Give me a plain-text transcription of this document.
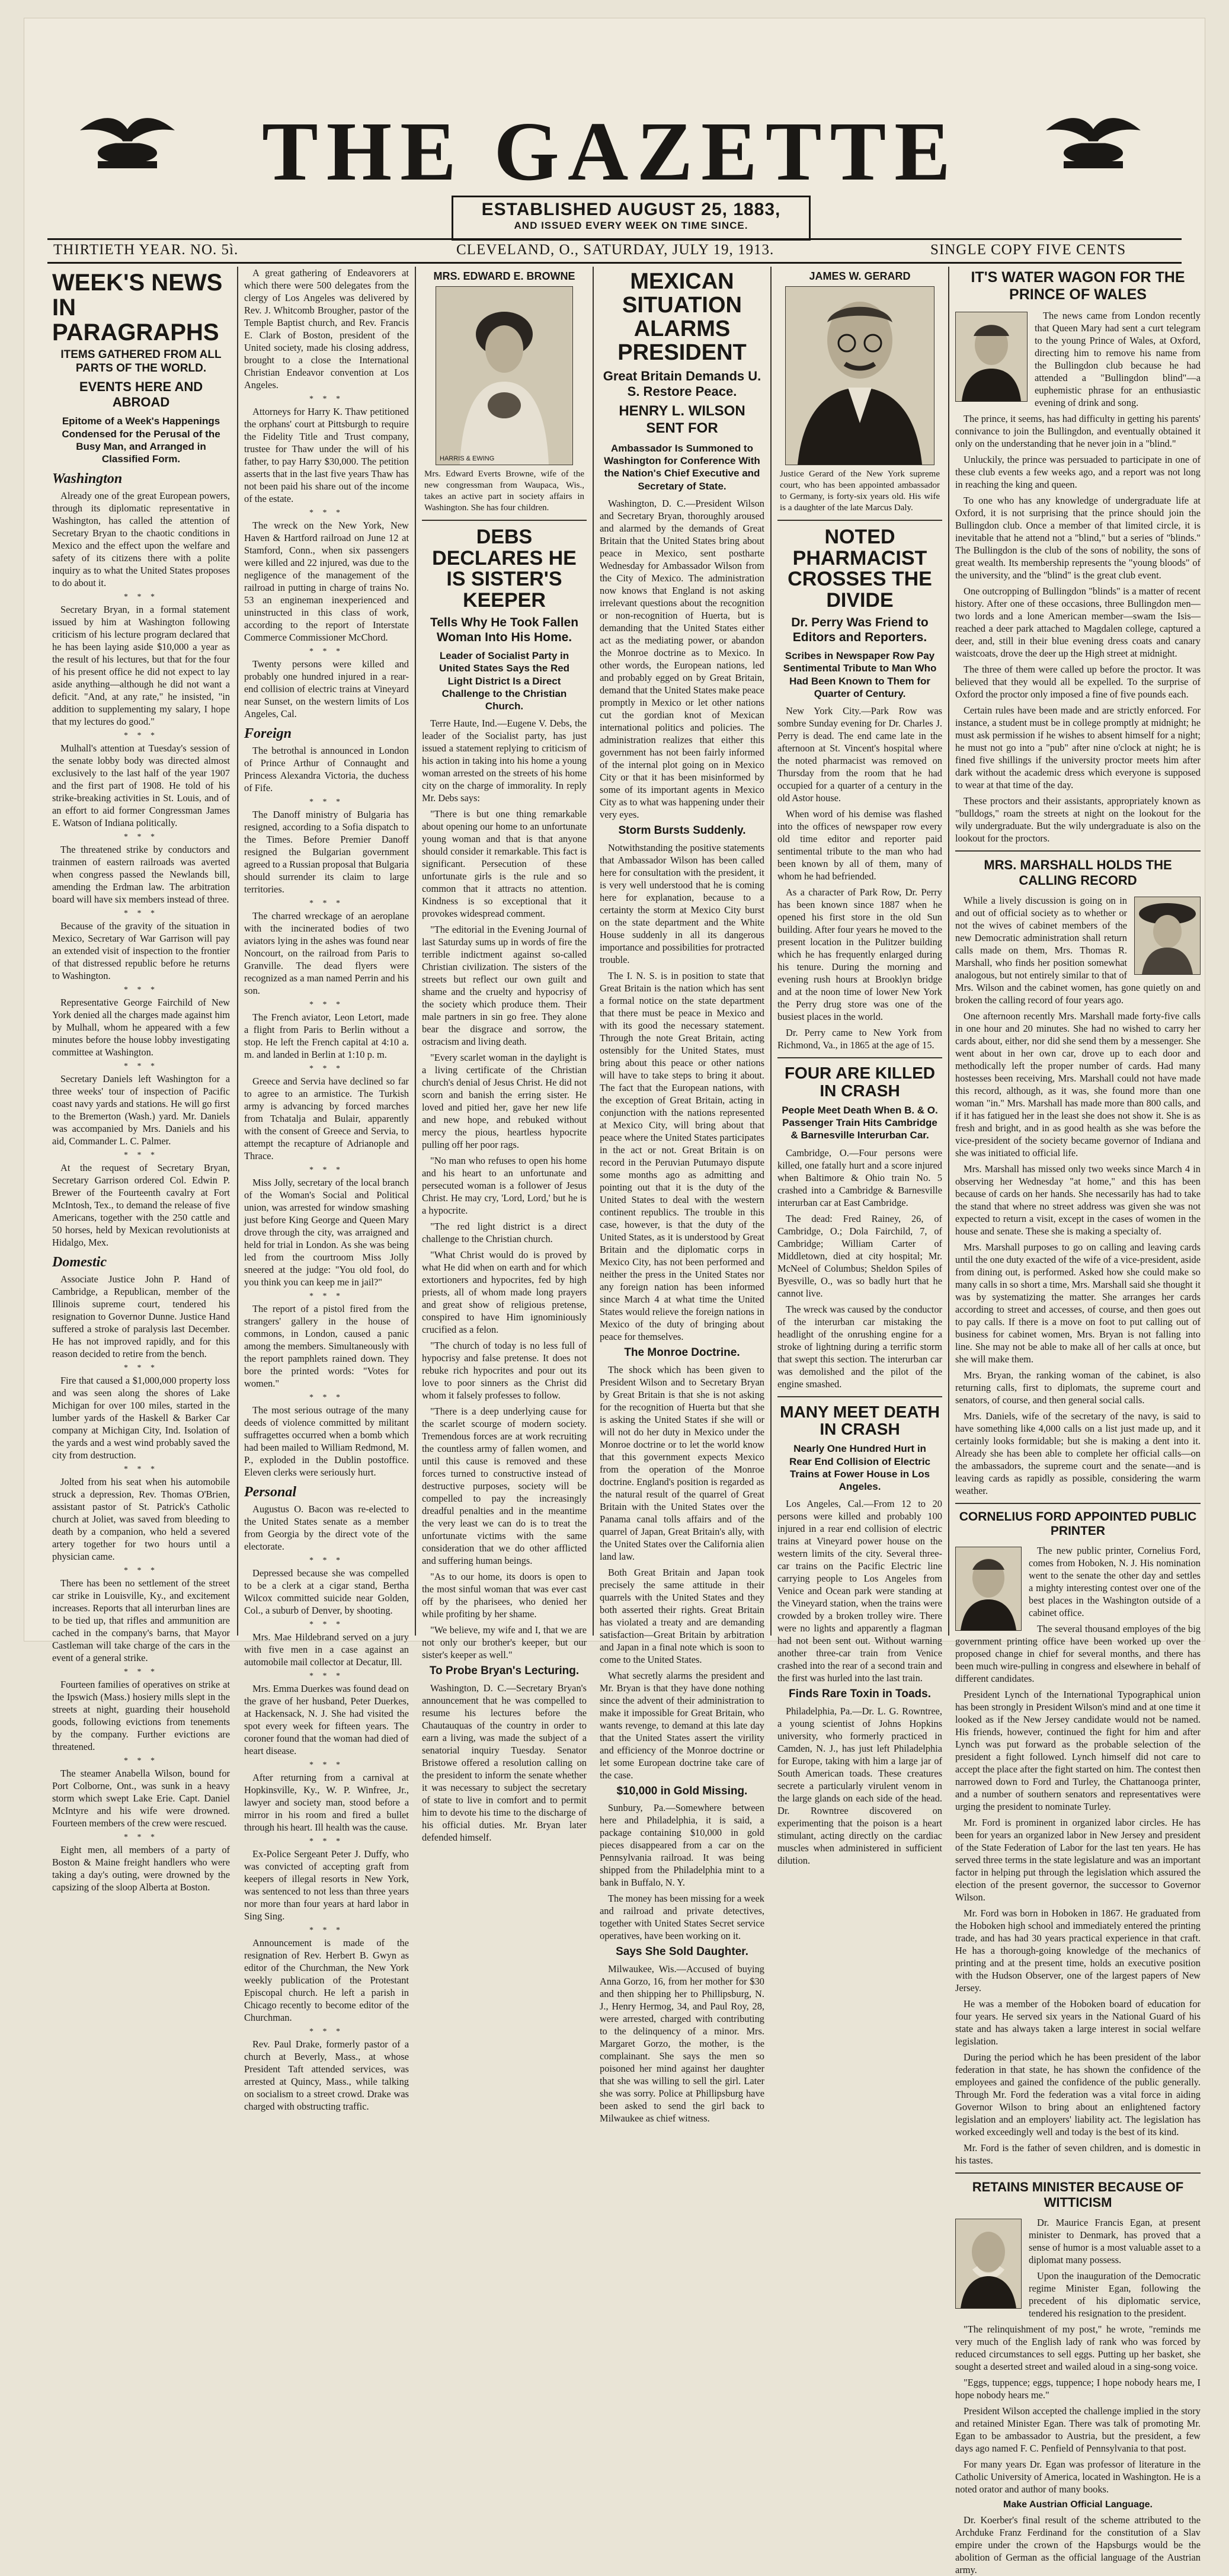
THE GAZETTE
ESTABLISHED AUGUST 25, 1883,
AND ISSUED EVERY WEEK ON TIME SINCE.
THIRTIETH YEAR. NO. 5ì.	CLEVELAND, O., SATURDAY, JULY 19, 1913.	SINGLE COPY FIVE CENTS
WEEK'S NEWS IN PARAGRAPHS
ITEMS GATHERED FROM ALL PARTS OF THE WORLD.
EVENTS HERE AND ABROAD
Epitome of a Week's Happenings Condensed for the Perusal of the Busy Man, and Arranged in Classified Form.
Washington

Already one of the great European powers, through its diplomatic representative in Washington, has called the attention of Secretary Bryan to the chaotic conditions in Mexico and the effect upon the welfare and safety of its citizens there with a polite inquiry as to what the United States proposes to do about it.

* * *

Secretary Bryan, in a formal statement issued by him at Washington following criticism of his lecture program declared that he has been laying aside $10,000 a year as the result of his lectures, but that for the four of his present office he did not expect to lay aside anything—although he did not want a deficit. "And, at any rate," he insisted, "in addition to supplementing my salary, I hope that my lectures do good."

* * *

Mulhall's attention at Tuesday's session of the senate lobby body was directed almost exclusively to the last half of the year 1907 and the first part of 1908. He told of his strike-breaking activities in St. Louis, and of an effort to aid former Congressman James E. Watson of Indiana politically.

* * *

The threatened strike by conductors and trainmen of eastern railroads was averted when congress passed the Newlands bill, amending the Erdman law. The arbitration board will have six members instead of three.

* * *

Because of the gravity of the situation in Mexico, Secretary of War Garrison will pay an extended visit of inspection to the frontier of that distressed republic before he returns to Washington.

* * *

Representative George Fairchild of New York denied all the charges made against him by Mulhall, whom he appeared with a few minutes before the house lobby investigating committee at Washington.

* * *

Secretary Daniels left Washington for a three weeks' tour of inspection of Pacific coast navy yards and stations. He will go first to the Bremerton (Wash.) yard. Mr. Daniels was accompanied by Mrs. Daniels and his aid, Commander L. C. Palmer.

* * *

At the request of Secretary Bryan, Secretary Garrison ordered Col. Edwin P. Brewer of the Fourteenth cavalry at Fort McIntosh, Tex., to demand the release of five Americans, together with the 250 cattle and 50 horses, held by Mexican revolutionists at Hidalgo, Mex.

Domestic

Associate Justice John P. Hand of Cambridge, a Republican, member of the Illinois supreme court, tendered his resignation to Governor Dunne. Justice Hand suffered a stroke of paralysis last December. He has not improved rapidly, and for this reason decided to retire from the bench.

* * *

Fire that caused a $1,000,000 property loss and was seen along the shores of Lake Michigan for over 100 miles, started in the lumber yards of the Haskell & Barker Car company at Michigan City, Ind. Isolation of the yards and a west wind probably saved the city from destruction.

* * *

Jolted from his seat when his automobile struck a depression, Rev. Thomas O'Brien, assistant pastor of St. Patrick's Catholic church at Joliet, was saved from bleeding to death by a companion, who held a severed artery together for two hours until a physician came.

* * *

There has been no settlement of the street car strike in Louisville, Ky., and excitement increases. Reports that all interurban lines are to be tied up, that rifles and ammunition are cached in the company's barns, that Mayor Castleman will take charge of the cars in the event of a general strike.

* * *

Fourteen families of operatives on strike at the Ipswich (Mass.) hosiery mills slept in the streets at night, guarding their household goods, following evictions from tenements by the company. Further evictions are threatened.

* * *

The steamer Anabella Wilson, bound for Port Colborne, Ont., was sunk in a heavy storm which swept Lake Erie. Capt. Daniel McIntyre and his wife were drowned. Fourteen members of the crew were rescued.

* * *

Eight men, all members of a party of Boston & Maine freight handlers who were taking a day's outing, were drowned by the capsizing of the sloop Alberta at Boston.

A great gathering of Endeavorers at which there were 500 delegates from the clergy of Los Angeles was delivered by Rev. J. Whitcomb Brougher, pastor of the Temple Baptist church, and Rev. Francis E. Clark of Boston, president of the United society, made his closing address, brought to a close the International Christian Endeavor convention at Los Angeles.

* * *

Attorneys for Harry K. Thaw petitioned the orphans' court at Pittsburgh to require the Fidelity Title and Trust company, trustee for Thaw under the will of his father, to pay Harry $30,000. The petition asserts that in the last five years Thaw has not been paid his share out of the income of the estate.

* * *

The wreck on the New York, New Haven & Hartford railroad on June 12 at Stamford, Conn., when six passengers were killed and 22 injured, was due to the negligence of the management of the railroad in putting in charge of trains No. 53 an engineman inexperienced and uninstructed in this class of work, according to the report of Interstate Commerce Commissioner McChord.

* * *

Twenty persons were killed and probably one hundred injured in a rear-end collision of electric trains at Vineyard near Sunset, on the western limits of Los Angeles, Cal.

Foreign

The betrothal is announced in London of Prince Arthur of Connaught and Princess Alexandra Victoria, the duchess of Fife.

* * *

The Danoff ministry of Bulgaria has resigned, according to a Sofia dispatch to the Times. Before Premier Danoff resigned the Bulgarian government agreed to a Russian proposal that Bulgaria should surrender its claim to large territories.

* * *

The charred wreckage of an aeroplane with the incinerated bodies of two aviators lying in the ashes was found near Noncourt, on the railroad from Paris to Granville. The dead flyers were recognized as a man named Perrin and his son.

* * *

The French aviator, Leon Letort, made a flight from Paris to Berlin without a stop. He left the French capital at 4:10 a. m. and landed in Berlin at 1:10 p. m.

* * *

Greece and Servia have declined so far to agree to an armistice. The Turkish army is advancing by forced marches from Tchatalja and Bulair, apparently with the consent of Greece and Servia, to attempt the recapture of Adrianople and Thrace.

* * *

Miss Jolly, secretary of the local branch of the Woman's Social and Political union, was arrested for window smashing just before King George and Queen Mary drove through the city, was arraigned and held for trial in London. As she was being led from the courtroom Miss Jolly sneered at the judge: "You old fool, do you think you can keep me in jail?"

* * *

The report of a pistol fired from the strangers' gallery in the house of commons, in London, caused a panic among the members. Simultaneously with the report pamphlets rained down. They bore the printed words: "Votes for women."

* * *

The most serious outrage of the many deeds of violence committed by militant suffragettes occurred when a bomb which had been mailed to William Redmond, M. P., exploded in the Dublin postoffice. Eleven clerks were seriously hurt.

Personal

Augustus O. Bacon was re-elected to the United States senate as a member from Georgia by the direct vote of the electorate.

* * *

Depressed because she was compelled to be a clerk at a cigar stand, Bertha Wilcox committed suicide near Golden, Col., a suburb of Denver, by shooting.

* * *

Mrs. Mae Hildebrand served on a jury with five men in a case against an automobile mail collector at Decatur, Ill.

* * *

Mrs. Emma Duerkes was found dead on the grave of her husband, Peter Duerkes, at Hackensack, N. J. She had visited the spot every week for fifteen years. The coroner found that the woman had died of heart disease.

* * *

After returning from a carnival at Hopkinsville, Ky., W. P. Winfree, Jr., lawyer and society man, stood before a mirror in his room and fired a bullet through his heart. Ill health was the cause.

* * *

Ex-Police Sergeant Peter J. Duffy, who was convicted of accepting graft from keepers of illegal resorts in New York, was sentenced to not less than three years nor more than four years at hard labor in Sing Sing.

* * *

Announcement is made of the resignation of Rev. Herbert B. Gwyn as editor of the Churchman, the New York weekly publication of the Protestant Episcopal church. He left a parish in Chicago recently to become editor of the Churchman.

* * *

Rev. Paul Drake, formerly pastor of a church at Beverly, Mass., at whose President Taft attended services, was arrested at Quincy, Mass., while talking on socialism to a street crowd. Drake was charged with obstructing traffic.

MRS. EDWARD E. BROWNE
HARRIS & EWING
Mrs. Edward Everts Browne, wife of the new congressman from Waupaca, Wis., takes an active part in society affairs in Washington. She has four children.
DEBS DECLARES HE IS SISTER'S KEEPER
Tells Why He Took Fallen Woman Into His Home.
Leader of Socialist Party in United States Says the Red Light District Is a Direct Challenge to the Christian Church.

Terre Haute, Ind.—Eugene V. Debs, the leader of the Socialist party, has just issued a statement replying to criticism of his action in taking into his home a young woman arrested on the streets of his home city on the charge of immorality. In reply Mr. Debs says:

"There is but one thing remarkable about opening our home to an unfortunate young woman and that is that anyone should consider it remarkable. This fact is significant. Persecution of these unfortunate girls is the rule and so common that it attracts no attention. Kindness is so exceptional that it provokes widespread comment.

"The editorial in the Evening Journal of last Saturday sums up in words of fire the terrible indictment against so-called Christian civilization. The sisters of the streets but reflect our own guilt and shame and the cruelty and hypocrisy of the society which produce them. Their male partners in sin go free. They alone bear the disgrace and sorrow, the ostracism and living death.

"Every scarlet woman in the daylight is a living certificate of the Christian church's denial of Jesus Christ. He did not scorn and banish the erring sister. He loved and pitied her, gave her new life and new hope, and rebuked without mercy the pious, heartless hypocrite pulling off her poor rags.

"No man who refuses to open his home and his heart to an unfortunate and persecuted woman is a follower of Jesus Christ. He may cry, 'Lord, Lord,' but he is a hypocrite.

"The red light district is a direct challenge to the Christian church.

"What Christ would do is proved by what He did when on earth and for which extortioners and hypocrites, fed by high priests, all of whom made long prayers and great show of religious pretense, conspired to have Him ignominiously crucified as a felon.

"The church of today is no less full of hypocrisy and false pretense. It does not rebuke rich hypocrites and pour out its love to poor sinners as the Christ did whom it falsely professes to follow.

"There is a deep underlying cause for the scarlet scourge of modern society. Tremendous forces are at work recruiting the countless army of fallen women, and until this cause is removed and these forces turned to constructive instead of destructive purposes, society will be compelled to pay the increasingly dreadful penalties and in the meantime the very least we can do is to treat the unfortunate victims with the same consideration that we do other afflicted and suffering human beings.

"As to our home, its doors is open to the most sinful woman that was ever cast off by the pharisees, who denied her while profiting by her shame.

"We believe, my wife and I, that we are not only our brother's keeper, but our sister's keeper as well."

To Probe Bryan's Lecturing.

Washington, D. C.—Secretary Bryan's announcement that he was compelled to resume his lectures before the Chautauquas of the country in order to earn a living, was made the subject of a senatorial inquiry Tuesday. Senator Bristowe offered a resolution calling on the president to inform the senate whether it was necessary to subject the secretary of state to live in comfort and to permit him to devote his time to the discharge of his official duties. Mr. Bryan later defended himself.

MEXICAN SITUATION ALARMS PRESIDENT
Great Britain Demands U. S. Restore Peace.
HENRY L. WILSON SENT FOR
Ambassador Is Summoned to Washington for Conference With the Nation's Chief Executive and Secretary of State.

Washington, D. C.—President Wilson and Secretary Bryan, thoroughly aroused and alarmed by the demands of Great Britain that the United States bring about peace in Mexico, sent postharte Wednesday for Ambassador Wilson from the City of Mexico. The administration now knows that England is not asking irrelevant questions about the recognition or non-recognition of Huerta, but is demanding that the United States either act as the mediating power, or abandon the Monroe doctrine as to Mexico. In other words, the European nations, led and probably egged on by Great Britain, demand that the United States make peace promptly in Mexico or let other nations cut the gordian knot of Mexican international politics and policies. The administration realizes that either this government has not been fairly informed of the internal plot going on in Mexico City or that it has been misinformed by some of its important agents in Mexico City as to what was happening under their very eyes.

Storm Bursts Suddenly.

Notwithstanding the positive statements that Ambassador Wilson has been called here for consultation with the president, it is very well understood that he is coming here for explanation, because to a certainty the storm at Mexico City burst on the state department and the White House suddenly in all its dangerous importance and possibilities for protracted trouble.

The I. N. S. is in position to state that Great Britain is the nation which has sent a formal notice on the state department that there must be peace in Mexico and with its good the necessary statement. Through the note Great Britain, acting ostensibly for the United States, must bring about this peace or other nations will have to take steps to bring it about. The fact that the European nations, with the exception of Great Britain, acting in conjunction with the nations represented at Mexico City, will bring about that peace where the United States participates in the act or not. Great Britain is on record in the Peruvian Putumayo dispute some months ago as admitting and pointing out that it is the duty of the United States to deal with the western continent republics. The trouble in this case, however, is that the duty of the United States, as it is understood by Great Britain and the diplomatic corps in Mexico City, has not been performed and neither the press in the United States nor any foreign nation has been informed since March 4 at what time the United States would relieve the foreign nations in Mexico of the duty of bringing about peace for themselves.

The Monroe Doctrine.

The shock which has been given to President Wilson and to Secretary Bryan by Great Britain is that she is not asking for the recognition of Huerta but that she is asking the United States if she will or will not do her duty in Mexico under the Monroe doctrine or to let the world know that this government expects Mexico from the operation of the Monroe doctrine. England's position is regarded as the natural result of the quarrel of Great Britain with the United States over the Panama canal tolls affairs and of the quarrel of Japan, Great Britain's ally, with the United States over the California alien land law.

Both Great Britain and Japan took precisely the same attitude in their quarrels with the United States and they both asserted their rights. Great Britain has violated a treaty and are demanding satisfaction—Great Britain by arbitration and Japan in a final note which is soon to come to the United States.

What secretly alarms the president and Mr. Bryan is that they have done nothing since the advent of their administration to make it impossible for Great Britain, who wants revenge, to demand at this late day that the United States assert the virility and efficiency of the Monroe doctrine or let some European doctrine take care of the case.

$10,000 in Gold Missing.

Sunbury, Pa.—Somewhere between here and Philadelphia, it is said, a package containing $10,000 in gold pieces disappeared from a car on the Pennsylvania railroad. It was being shipped from the Philadelphia mint to a bank in Buffalo, N. Y.

The money has been missing for a week and railroad and private detectives, together with United States Secret service operatives, have been working on it.

Says She Sold Daughter.

Milwaukee, Wis.—Accused of buying Anna Gorzo, 16, from her mother for $30 and then shipping her to Phillipsburg, N. J., Henry Hermog, 34, and Paul Roy, 28, were arrested, charged with contributing to the delinquency of a minor. Mrs. Margaret Gorzo, the mother, is the complainant. She says the men so poisoned her mind against her daughter that she was willing to sell the girl. Later she was sorry. Police at Phillipsburg have been asked to send the girl back to Milwaukee as chief witness.

JAMES W. GERARD
Justice Gerard of the New York supreme court, who has been appointed ambassador to Germany, is forty-six years old. His wife is a daughter of the late Marcus Daly.
NOTED PHARMACIST CROSSES THE DIVIDE
Dr. Perry Was Friend to Editors and Reporters.
Scribes in Newspaper Row Pay Sentimental Tribute to Man Who Had Been Known to Them for Quarter of Century.

New York City.—Park Row was sombre Sunday evening for Dr. Charles J. Perry is dead. The end came late in the afternoon at St. Vincent's hospital where the noted pharmacist was removed on Thursday from the room that he had occupied for a quarter of a century in the old Astor house.

When word of his demise was flashed into the offices of newspaper row every old time editor and reporter paid sentimental tribute to the man who had been known by all of them, many of whom he had befriended.

As a character of Park Row, Dr. Perry has been known since 1887 when he opened his first store in the old Sun building. After four years he moved to the present location in the Pulitzer building which he has frequently enlarged during his tenure. During the morning and evening rush hours at Brooklyn bridge and at the noon time of lower New York the Perry drug store was one of the busiest places in the world.

Dr. Perry came to New York from Richmond, Va., in 1865 at the age of 15.

FOUR ARE KILLED IN CRASH
People Meet Death When B. & O. Passenger Train Hits Cambridge & Barnesville Interurban Car.

Cambridge, O.—Four persons were killed, one fatally hurt and a score injured when Baltimore & Ohio train No. 5 crashed into a Cambridge & Barnesville interurban car at East Cambridge.

The dead: Fred Rainey, 26, of Cambridge, O.; Dola Fairchild, 7, of Cambridge; William Carter of Middletown, died at city hospital; Mr. McNeel of Columbus; Sheldon Spiles of Byesville, O., was so badly hurt that he cannot live.

The wreck was caused by the conductor of the interurban car mistaking the headlight of the onrushing engine for a stroke of lightning during a terrific storm that swept this section. The interurban car was demolished and the pilot of the engine smashed.

MANY MEET DEATH IN CRASH
Nearly One Hundred Hurt in Rear End Collision of Electric Trains at Fower House in Los Angeles.

Los Angeles, Cal.—From 12 to 20 persons were killed and probably 100 injured in a rear end collision of electric trains at Vineyard power house on the western limits of the city. Several three-car trains on the Pacific Electric line carrying people to Los Angeles from Venice and Ocean park were standing at the Vineyard station, when the trains were crowded by a broken trolley wire. There were no lights and apparently a flagman had not been sent out. Without warning another three-car train from Venice crashed into the rear of a second train and the first was hurled into the last train.

Finds Rare Toxin in Toads.

Philadelphia, Pa.—Dr. L. G. Rowntree, a young scientist of Johns Hopkins university, who formerly practiced in Camden, N. J., has just left Philadelphia for Europe, taking with him a large jar of South American toads. These creatures secrete a particularly virulent venom in the large glands on each side of the head. Dr. Rowntree discovered on experimenting that the poison is a heart stimulant, acting directly on the cardiac muscles when administered in sufficient dilution.

IT'S WATER WAGON FOR THE PRINCE OF WALES

The news came from London recently that Queen Mary had sent a curt telegram to the young Prince of Wales, at Oxford, directing him to remove his name from the Bullingdon club because he had attended a "Bullingdon blind"—a euphemistic phrase for an enthusiastic evening of drink and song.

The prince, it seems, has had difficulty in getting his parents' connivance to join the Bullingdon, and eventually obtained it only on the understanding that he never join in a "blind."

Unluckily, the prince was persuaded to participate in one of these club events a few weeks ago, and a report was not long in reaching the king and queen.

To one who has any knowledge of undergraduate life at Oxford, it is not surprising that the prince should join the Bullingdon club. Once a member of that limited circle, it is inevitable that he attend not a "blind," but a series of "blinds." The Bullingdon is the club of the sons of nobility, the sons of great wealth. Its membership represents the "young bloods" of the university, and the "blind" is the great club event.

One outcropping of Bullingdon "blinds" is a matter of recent history. After one of these occasions, three Bullingdon men—two lords and a lone American member—swam the Isis—reached a deer park attached to Magdalen college, captured a deer, and, still in their blue evening dress coats and canary waistcoats, drove the deer up the High street at midnight.

The three of them were called up before the proctor. It was believed that they would all be expelled. To the surprise of Oxford the proctor only imposed a fine of five pounds each.

Certain rules have been made and are strictly enforced. For instance, a student must be in college promptly at midnight; he must ask permission if he wishes to absent himself for a night; he must not go into a "pub" after nine o'clock at night; he is fined five shillings if the university proctor meets him after dark without the academic dress which everyone is supposed to wear at that time of the day.

These proctors and their assistants, appropriately known as "bulldogs," roam the streets at night on the lookout for the wily undergraduate. But the wily undergraduate is also on the lookout for the proctors.

MRS. MARSHALL HOLDS THE CALLING RECORD

While a lively discussion is going on in and out of official society as to whether or not the wives of cabinet members of the new Democratic administration shall return calls made on them, Mrs. Thomas R. Marshall, who finds her position somewhat analogous, but not entirely similar to that of Mrs. Wilson and the cabinet women, has gone quietly on and broken the calling record of four years ago.

One afternoon recently Mrs. Marshall made forty-five calls in one hour and 20 minutes. She had no wished to carry her cards about, either, nor did she send them by a messenger. She went about in her own car, drove up to each door and methodically left the proper number of cards. Had many hostesses been receiving, Mrs. Marshall could not have made this record, although, as it was, she found more than one woman "in." Mrs. Marshall has made more than 800 calls, and if it has fatigued her in the least she does not show it. She is as fresh and bright, and in as good health as she was before the vice-president of the society became governor of Indiana and she was initiated to official life.

Mrs. Marshall has missed only two weeks since March 4 in observing her Wednesday "at home," and this has been because of cards on her hands. She necessarily has had to take the stand that where no street address was given she was not expected to return a visit, except in the cases of women in the house and senate. These she is making a specialty of.

Mrs. Marshall purposes to go on calling and leaving cards until the one duty exacted of the wife of a vice-president, aside from dining out, is performed. Asked how she could make so many calls in so short a time, Mrs. Marshall said she thought it was by systematizing the matter. She arranges her cards according to street and accesses, of course, and then goes out to pay calls. If there is a move on foot to put calling out of business for cabinet women, Mrs. Bryan is not falling into line. She may not be able to make all of her calls at once, but she will make them.

Mrs. Bryan, the ranking woman of the cabinet, is also returning calls, first to diplomats, the supreme court and senators, of course, and then general social calls.

Mrs. Daniels, wife of the secretary of the navy, is said to have something like 4,000 calls on a list just made up, and it certainly looks formidable; but she is making a dent into it. Already she has been able to complete her official calls—on the ambassadors, the supreme court and the senate—and is leaving cards as rapidly as possible, considering the warm weather.

CORNELIUS FORD APPOINTED PUBLIC PRINTER

The new public printer, Cornelius Ford, comes from Hoboken, N. J. His nomination went to the senate the other day and settles a mighty interesting contest over one of the best places in the Washington outside of a cabinet office.

The several thousand employes of the big government printing office have been worked up over the proposed change in chief for several months, and there has been much wire-pulling in congress and elsewhere in behalf of different candidates.

President Lynch of the International Typographical union has been strongly in President Wilson's mind and at one time it looked as if the New Jersey candidate would not be named. His friends, however, continued the fight for him and after Lynch was put forward as the probable selection of the president a fight followed. Lynch himself did not care to accept the place after the fight started on him. The contest then narrowed down to Ford and Turley, the Chattanooga printer, and a number of southern senators and representatives were urging the president to nominate Turley.

Mr. Ford is prominent in organized labor circles. He has been for years an organized labor in New Jersey and president of the State Federation of Labor for the last ten years. He has served three terms in the state legislature and was an important factor in helping put through the legislation which assured the election of the present governor, the successor to Governor Wilson.

Mr. Ford was born in Hoboken in 1867. He graduated from the Hoboken high school and immediately entered the printing trade, and has had 30 years practical experience in that craft. He has a thorough-going knowledge of the mechanics of printing and at the present time, holds an executive position with the Hudson Observer, one of the largest papers of New Jersey.

He was a member of the Hoboken board of education for four years. He served six years in the National Guard of his state and has always taken a large interest in social welfare legislation.

During the period which he has been president of the labor federation in that state, he has shown the confidence of the employees and gained the confidence of the public generally. Through Mr. Ford the federation was a vital force in aiding Governor Wilson to bring about an enlightened factory legislation and an employers' liability act. The legislation has worked exceedingly well and today is the best of its kind.

Mr. Ford is the father of seven children, and is domestic in his tastes.

RETAINS MINISTER BECAUSE OF WITTICISM

Dr. Maurice Francis Egan, at present minister to Denmark, has proved that a sense of humor is a most valuable asset to a diplomat many possess.

Upon the inauguration of the Democratic regime Minister Egan, following the precedent of his diplomatic service, tendered his resignation to the president.

"The relinquishment of my post," he wrote, "reminds me very much of the English lady of rank who was forced by reduced circumstances to sell eggs. Putting up her basket, she sought a deserted street and wailed aloud in a sing-song voice.

"Eggs, tuppence; eggs, tuppence; I hope nobody hears me, I hope nobody hears me."

President Wilson accepted the challenge implied in the story and retained Minister Egan. There was talk of promoting Mr. Egan to be ambassador to Austria, but the president, a few days ago named F. C. Penfield of Pennsylvania to that post.

For many years Dr. Egan was professor of literature in the Catholic University of America, located in Washington. He is a noted orator and author of many books.

Make Austrian Official Language.

Dr. Koerber's final result of the scheme attributed to the Archduke Franz Ferdinand for the constitution of a Slav empire under the crown of the Hapsburgs would be the abolition of German as the official language of the Austrian army.
